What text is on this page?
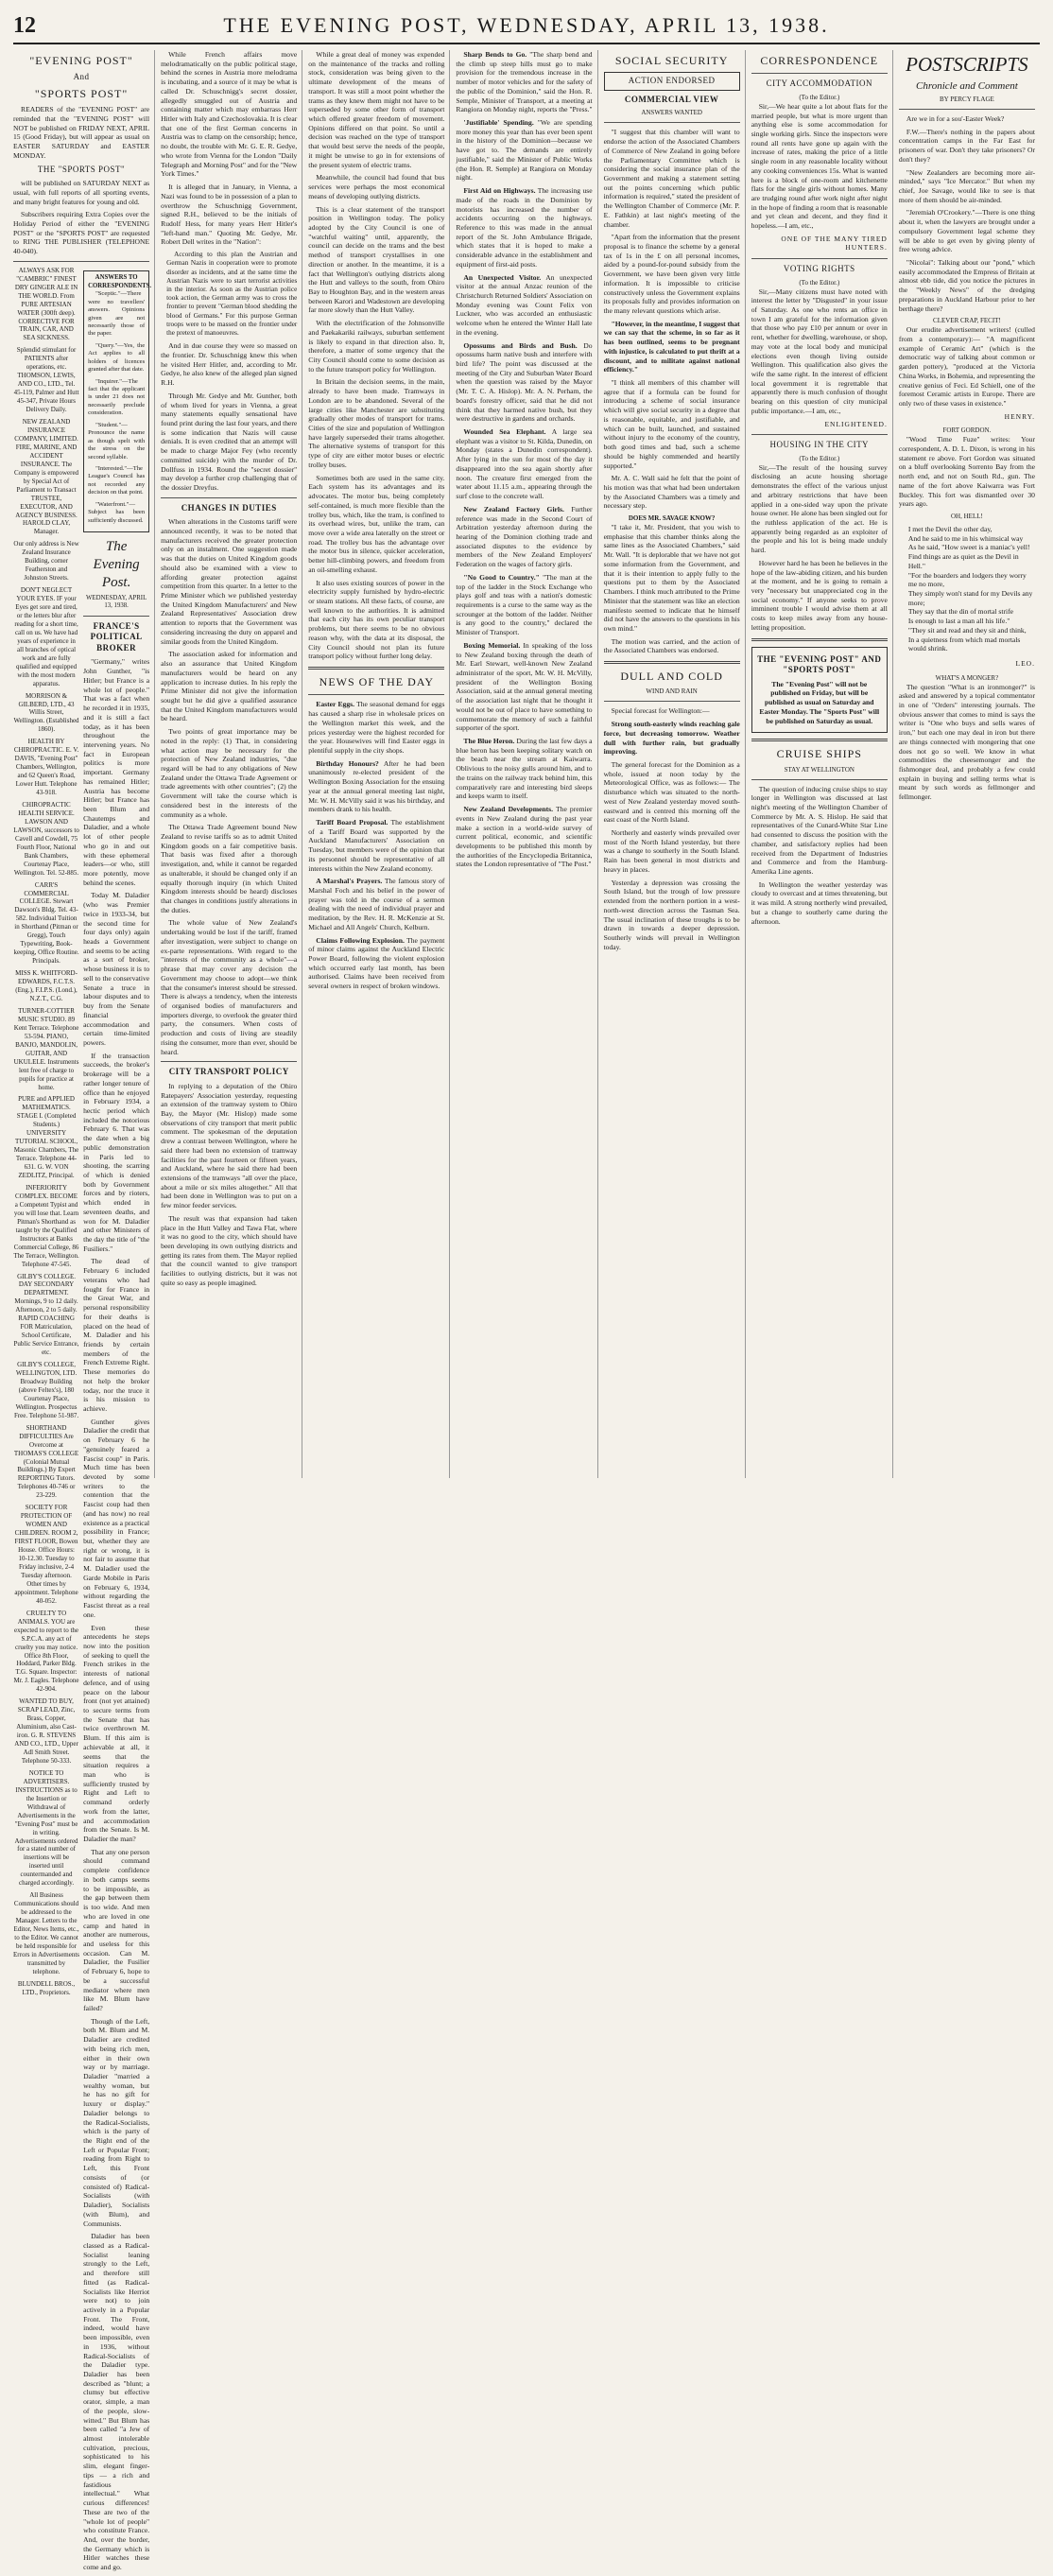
12	THE EVENING POST, WEDNESDAY, APRIL 13, 1938.
"EVENING POST"
And
"SPORTS POST"

READERS of the "EVENING POST" are reminded that the "EVENING POST" will NOT be published on FRIDAY NEXT, APRIL 15 (Good Friday), but will appear as usual on EASTER SATURDAY and EASTER MONDAY.

THE "SPORTS POST"

will be published on SATURDAY NEXT as usual, with full reports of all sporting events, and many bright features for young and old.

Subscribers requiring Extra Copies over the Holiday Period of either the "EVENING POST" or the "SPORTS POST" are requested to RING THE PUBLISHER (TELEPHONE 40-040).

ALWAYS ASK FOR "CAMBRIC" FINEST DRY GINGER ALE IN THE WORLD. From PURE ARTESIAN WATER (300ft deep). CORRECTIVE FOR TRAIN, CAR, AND SEA SICKNESS.

Splendid stimulant for PATIENTS after operations, etc. THOMSON, LEWIS, AND CO., LTD., Tel. 45-119, Palmer and Hutt 45-347, Private Hours Delivery Daily.

NEW ZEALAND INSURANCE COMPANY, LIMITED. FIRE, MARINE, AND ACCIDENT INSURANCE. The Company is empowered by Special Act of Parliament to Transact TRUSTEE, EXECUTOR, AND AGENCY BUSINESS. HAROLD CLAY, Manager.

Our only address is New Zealand Insurance Building, corner Featherston and Johnston Streets.

DON'T NEGLECT YOUR EYES. IF your Eyes get sore and tired, or the letters blur after reading for a short time, call on us. We have had years of experience in all branches of optical work and are fully qualified and equipped with the most modern apparatus.

MORRISON & GILBERD, LTD., 43 Willis Street, Wellington. (Established 1860).

HEALTH BY CHIROPRACTIC. E. V. DAVIS, "Evening Post" Chambers, Wellington, and 62 Queen's Road, Lower Hutt. Telephone 43-918.

CHIROPRACTIC HEALTH SERVICE. LAWSON AND LAWSON, successors to Cavell and Cowdell, 75 Fourth Floor, National Bank Chambers, Courtenay Place, Wellington. Tel. 52-885.

CARR'S COMMERCIAL COLLEGE. Stewart Dawson's Bldg. Tel. 43-582. Individual Tuition in Shorthand (Pitman or Gregg), Touch Typewriting, Book-keeping, Office Routine. Principals.

MISS K. WHITFORD-EDWARDS, F.C.T.S. (Eng.), F.I.P.S. (Lond.), N.Z.T., C.G.

TURNER-COTTIER MUSIC STUDIO. 89 Kent Terrace. Telephone 53-594. PIANO, BANJO, MANDOLIN, GUITAR, AND UKULELE. Instruments lent free of charge to pupils for practice at home.

PURE and APPLIED MATHEMATICS. STAGE I. (Completed Students.) UNIVERSITY TUTORIAL SCHOOL, Masonic Chambers, The Terrace. Telephone 44-631. G. W. VON ZEDLITZ, Principal.

INFERIORITY COMPLEX. BECOME a Competent Typist and you will lose that. Learn Pitman's Shorthand as taught by the Qualified Instructors at Banks Commercial College, 86 The Terrace, Wellington. Telephone 47-545.

GILBY'S COLLEGE. DAY SECONDARY DEPARTMENT. Mornings, 9 to 12 daily. Afternoon, 2 to 5 daily. RAPID COACHING FOR Matriculation, School Certificate, Public Service Entrance, etc.

GILBY'S COLLEGE, WELLINGTON, LTD. Broadway Building (above Feltex's), 180 Courtenay Place, Wellington. Prospectus Free. Telephone 51-987.

SHORTHAND DIFFICULTIES Are Overcome at THOMAS'S COLLEGE (Colonial Mutual Buildings.) By Expert REPORTING Tutors. Telephones 40-746 or 23-229.

SOCIETY FOR PROTECTION OF WOMEN AND CHILDREN. ROOM 2, FIRST FLOOR, Bowen House. Office Hours: 10-12.30. Tuesday to Friday inclusive, 2-4 Tuesday afternoon. Other times by appointment. Telephone 40-052.

CRUELTY TO ANIMALS. YOU are expected to report to the S.P.C.A. any act of cruelty you may notice. Office 8th Floor, Hoddard, Parker Bldg. T.G. Square. Inspector: Mr. J. Eagles. Telephone 42-904.

WANTED TO BUY, SCRAP LEAD, Zinc, Brass, Copper, Aluminium, also Cast-iron. G. R. STEVENS AND CO., LTD., Upper Adl Smith Street. Telephone 50-333.

NOTICE TO ADVERTISERS. INSTRUCTIONS as to the Insertion or Withdrawal of Advertisements in the "Evening Post" must be in writing. Advertisements ordered for a stated number of insertions will be inserted until countermanded and charged accordingly.

All Business Communications should be addressed to the Manager. Letters to the Editor, News Items, etc., to the Editor. We cannot be held responsible for Errors in Advertisements transmitted by telephone.

BLUNDELL BROS., LTD., Proprietors.

ANSWERS TO CORRESPONDENTS.

"Sceptic."—There were no travellers' answers. Opinions given are not necessarily those of the paper.

"Query."—Yes, the Act applies to all holders of licences granted after that date.

"Inquirer."—The fact that the applicant is under 21 does not necessarily preclude consideration.

"Student."—Pronounce the name as though spelt with the stress on the second syllable.

"Interested."—The League's Council has not recorded any decision on that point.

"Waterfront."—Subject has been sufficiently discussed.

The Evening Post.
WEDNESDAY, APRIL 13, 1938.
FRANCE'S POLITICAL BROKER

"Germany," writes John Gunther, "is Hitler; but France is a whole lot of people." That was a fact when he recorded it in 1935, and it is still a fact today, as it has been throughout the intervening years. No fact in European politics is more important. Germany has remained Hitler; Austria has become Hitler; but France has been Blum and Chautemps and Daladier, and a whole lot of other people who go in and out with these ephemeral leaders—or who, still more potently, move behind the scenes.

Today M. Daladier (who was Premier twice in 1933-34, but the second time for four days only) again heads a Government and seems to be acting as a sort of broker, whose business it is to sell to the conservative Senate a truce in labour disputes and to buy from the Senate financial accommodation and certain time-limited powers.

If the transaction succeeds, the broker's brokerage will be a rather longer tenure of office than he enjoyed in February 1934, a hectic period which included the notorious February 6. That was the date when a big public demonstration in Paris led to shooting, the scarring of which is denied both by Government forces and by rioters, which ended in seventeen deaths, and won for M. Daladier and other Ministers of the day the title of "the Fusiliers."

The dead of February 6 included veterans who had fought for France in the Great War, and personal responsibility for their deaths is placed on the head of M. Daladier and his friends by certain members of the French Extreme Right. These memories do not help the broker today, nor the truce it is his mission to achieve.

Gunther gives Daladier the credit that on February 6 he "genuinely feared a Fascist coup" in Paris. Much time has been devoted by some writers to the contention that the Fascist coup had then (and has now) no real existence as a practical possibility in France; but, whether they are right or wrong, it is not fair to assume that M. Daladier used the Garde Mobile in Paris on February 6, 1934, without regarding the Fascist threat as a real one.

Even these antecedents he steps now into the position of seeking to quell the French strikes in the interests of national defence, and of using peace on the labour front (not yet attained) to secure terms from the Senate that has twice overthrown M. Blum. If this aim is achievable at all, it seems that the situation requires a man who is sufficiently trusted by Right and Left to command orderly work from the latter, and accommodation from the Senate. Is M. Daladier the man?

That any one person should command complete confidence in both camps seems to be impossible, as the gap between them is too wide. And men who are loved in one camp and hated in another are numerous, and useless for this occasion. Can M. Daladier, the Fusilier of February 6, hope to be a successful mediator where men like M. Blum have failed?

Though of the Left, both M. Blum and M. Daladier are credited with being rich men, either in their own way or by marriage. Daladier "married a wealthy woman, but he has no gift for luxury or display." Daladier belongs to the Radical-Socialists, which is the party of the Right end of the Left or Popular Front; reading from Right to Left, this Front consists of (or consisted of) Radical-Socialists (with Daladier), Socialists (with Blum), and Communists.

Daladier has been classed as a Radical-Socialist leaning strongly to the Left, and therefore still fitted (as Radical-Socialists like Herriot were not) to join actively in a Popular Front. The Front, indeed, would have been impossible, even in 1936, without Radical-Socialists of the Daladier type. Daladier has been described as "blunt; a clumsy but effective orator, simple, a man of the people, slow-witted." But Blum has been called "a Jew of almost intolerable cultivation, precious, sophisticated to his slim, elegant finger-tips — a rich and fastidious intellectual." What curious differences! These are two of the "whole lot of people" who constitute France. And, over the border, the Germany which is Hitler watches these come and go.

While French affairs move melodramatically on the public political stage, behind the scenes in Austria more melodrama is incubating, and a source of it may be what is called Dr. Schuschnigg's secret dossier, allegedly smuggled out of Austria and containing matter which may embarrass Herr Hitler with Italy and Czechoslovakia. It is clear that one of the first German concerns in Austria was to clamp on the censorship; hence, no doubt, the trouble with Mr. G. E. R. Gedye, who wrote from Vienna for the London "Daily Telegraph and Morning Post" and for the "New York Times."

It is alleged that in January, in Vienna, a Nazi was found to be in possession of a plan to overthrow the Schuschnigg Government, signed R.H., believed to be the initials of Rudolf Hess, for many years Herr Hitler's "left-hand man." Quoting Mr. Gedye, Mr. Robert Dell writes in the "Nation":

According to this plan the Austrian and German Nazis in cooperation were to promote disorder as incidents, and at the same time the Austrian Nazis were to start terrorist activities in the interior. As soon as the Austrian police took action, the German army was to cross the frontier to prevent "German blood shedding the blood of Germans." For this purpose German troops were to be massed on the frontier under the pretext of manoeuvres.

And in due course they were so massed on the frontier. Dr. Schuschnigg knew this when he visited Herr Hitler, and, according to Mr. Gedye, he also knew of the alleged plan signed R.H.

Through Mr. Gedye and Mr. Gunther, both of whom lived for years in Vienna, a great many statements equally sensational have found print during the last four years, and there is some indication that Nazis will cause denials. It is even credited that an attempt will be made to charge Major Fey (who recently committed suicide) with the murder of Dr. Dollfuss in 1934. Round the "secret dossier" may develop a further crop challenging that of the dossier Dreyfus.

CHANGES IN DUTIES

When alterations in the Customs tariff were announced recently, it was to be noted that manufacturers received the greater protection only on an instalment. One suggestion made was that the duties on United Kingdom goods should also be examined with a view to affording greater protection against competition from this quarter. In a letter to the Prime Minister which we published yesterday the United Kingdom Manufacturers' and New Zealand Representatives' Association drew attention to reports that the Government was considering increasing the duty on apparel and similar goods from the United Kingdom.

The association asked for information and also an assurance that United Kingdom manufacturers would be heard on any application to increase duties. In his reply the Prime Minister did not give the information sought but he did give a qualified assurance that the United Kingdom manufacturers would be heard.

Two points of great importance may be noted in the reply: (1) That, in considering what action may be necessary for the protection of New Zealand industries, "due regard will be had to any obligations of New Zealand under the Ottawa Trade Agreement or trade agreements with other countries"; (2) the Government will take the course which is considered best in the interests of the community as a whole.

The Ottawa Trade Agreement bound New Zealand to revise tariffs so as to admit United Kingdom goods on a fair competitive basis. That basis was fixed after a thorough investigation, and, while it cannot be regarded as unalterable, it should be changed only if an equally thorough inquiry (in which United Kingdom interests should be heard) discloses that changes in conditions justify alterations in the duties.

The whole value of New Zealand's undertaking would be lost if the tariff, framed after investigation, were subject to change on ex-parte representations. With regard to the "interests of the community as a whole"—a phrase that may cover any decision the Government may choose to adopt—we think that the consumer's interest should be stressed. There is always a tendency, when the interests of organised bodies of manufacturers and importers diverge, to overlook the greater third party, the consumers. When costs of production and costs of living are steadily rising the consumer, more than ever, should be heard.

CITY TRANSPORT POLICY

In replying to a deputation of the Ohiro Ratepayers' Association yesterday, requesting an extension of the tramway system to Ohiro Bay, the Mayor (Mr. Hislop) made some observations of city transport that merit public comment. The spokesman of the deputation drew a contrast between Wellington, where he said there had been no extension of tramway facilities for the past fourteen or fifteen years, and Auckland, where he said there had been extensions of the tramways "all over the place, about a mile or six miles altogether." All that had been done in Wellington was to put on a few minor feeder services.

The result was that expansion had taken place in the Hutt Valley and Tawa Flat, where it was no good to the city, which should have been developing its own outlying districts and getting its rates from them. The Mayor replied that the council wanted to give transport facilities to outlying districts, but it was not quite so easy as people imagined.

While a great deal of money was expended on the maintenance of the tracks and rolling stock, consideration was being given to the ultimate development of the means of transport. It was still a moot point whether the trams as they knew them might not have to be superseded by some other form of transport which offered greater freedom of movement. Opinions differed on that point. So until a decision was reached on the type of transport that would best serve the needs of the people, it might be unwise to go in for extensions of the present system of electric trams.

Meanwhile, the council had found that bus services were perhaps the most economical means of developing outlying districts.

This is a clear statement of the transport position in Wellington today. The policy adopted by the City Council is one of "watchful waiting" until, apparently, the council can decide on the trams and the best method of transport crystallises in one direction or another. In the meantime, it is a fact that Wellington's outlying districts along the Hutt and valleys to the south, from Ohiro Bay to Houghton Bay, and in the western areas between Karori and Wadestown are developing far more slowly than the Hutt Valley.

With the electrification of the Johnsonville and Paekakariki railways, suburban settlement is likely to expand in that direction also. It, therefore, a matter of some urgency that the City Council should come to some decision as to the future transport policy for Wellington.

In Britain the decision seems, in the main, already to have been made. Tramways in London are to be abandoned. Several of the large cities like Manchester are substituting gradually other modes of transport for trams. Cities of the size and population of Wellington have largely superseded their trams altogether. The alternative systems of transport for this type of city are either motor buses or electric trolley buses.

Sometimes both are used in the same city. Each system has its advantages and its advocates. The motor bus, being completely self-contained, is much more flexible than the trolley bus, which, like the tram, is confined to its overhead wires, but, unlike the tram, can move over a wide area laterally on the street or road. The trolley bus has the advantage over the motor bus in silence, quicker acceleration, better hill-climbing powers, and freedom from an oil-smelling exhaust.

It also uses existing sources of power in the electricity supply furnished by hydro-electric or steam stations. All these facts, of course, are well known to the authorities. It is admitted that each city has its own peculiar transport problems, but there seems to be no obvious reason why, with the data at its disposal, the City Council should not plan its future transport policy without further long delay.

NEWS OF THE DAY

Easter Eggs. The seasonal demand for eggs has caused a sharp rise in wholesale prices on the Wellington market this week, and the prices yesterday were the highest recorded for the year. Housewives will find Easter eggs in plentiful supply in the city shops.

Birthday Honours? After he had been unanimously re-elected president of the Wellington Boxing Association for the ensuing year at the annual general meeting last night, Mr. W. H. McVilly said it was his birthday, and members drank to his health.

Tariff Board Proposal. The establishment of a Tariff Board was supported by the Auckland Manufacturers' Association on Tuesday, but members were of the opinion that its personnel should be representative of all interests within the New Zealand economy.

A Marshal's Prayers. The famous story of Marshal Foch and his belief in the power of prayer was told in the course of a sermon dealing with the need of individual prayer and meditation, by the Rev. H. R. McKenzie at St. Michael and All Angels' Church, Kelburn.

Claims Following Explosion. The payment of minor claims against the Auckland Electric Power Board, following the violent explosion which occurred early last month, has been authorised. Claims have been received from several owners in respect of broken windows.

Sharp Bends to Go. "The sharp bend and the climb up steep hills must go to make provision for the tremendous increase in the number of motor vehicles and for the safety of the public of the Dominion," said the Hon. R. Semple, Minister of Transport, at a meeting at Rangiora on Monday night, reports the "Press."

'Justifiable' Spending. "We are spending more money this year than has ever been spent in the history of the Dominion—because we have got to. The demands are entirely justifiable," said the Minister of Public Works (the Hon. R. Semple) at Rangiora on Monday night.

First Aid on Highways. The increasing use made of the roads in the Dominion by motorists has increased the number of accidents occurring on the highways. Reference to this was made in the annual report of the St. John Ambulance Brigade, which states that it is hoped to make a considerable advance in the establishment and equipment of first-aid posts.

An Unexpected Visitor. An unexpected visitor at the annual Anzac reunion of the Christchurch Returned Soldiers' Association on Monday evening was Count Felix von Luckner, who was accorded an enthusiastic welcome when he entered the Winter Hall late in the evening.

Opossums and Birds and Bush. Do opossums harm native bush and interfere with bird life? The point was discussed at the meeting of the City and Suburban Water Board when the question was raised by the Mayor (Mr. T. C. A. Hislop). Mr. A. N. Perham, the board's forestry officer, said that he did not think that they harmed native bush, but they were destructive in gardens and orchards.

Wounded Sea Elephant. A large sea elephant was a visitor to St. Kilda, Dunedin, on Monday (states a Dunedin correspondent). After lying in the sun for most of the day it disappeared into the sea again shortly after noon. The creature first emerged from the water about 11.15 a.m., appearing through the surf close to the concrete wall.

New Zealand Factory Girls. Further reference was made in the Second Court of Arbitration yesterday afternoon during the hearing of the Dominion clothing trade and associated disputes to the evidence by members of the New Zealand Employers' Federation on the wages of factory girls.

"No Good to Country." "The man at the top of the ladder in the Stock Exchange who plays golf and teas with a nation's domestic requirements is a curse to the same way as the scrounger at the bottom of the ladder. Neither is any good to the country," declared the Minister of Transport.

Boxing Memorial. In speaking of the loss to New Zealand boxing through the death of Mr. Earl Stewart, well-known New Zealand administrator of the sport, Mr. W. H. McVilly, president of the Wellington Boxing Association, said at the annual general meeting of the association last night that he thought it would not be out of place to have something to commemorate the memory of such a faithful supporter of the sport.

The Blue Heron. During the last few days a blue heron has been keeping solitary watch on the beach near the stream at Kaiwarra. Oblivious to the noisy gulls around him, and to the trains on the railway track behind him, this comparatively rare and interesting bird sleeps and keeps warm to itself.

New Zealand Developments. The premier events in New Zealand during the past year make a section in a world-wide survey of current political, economic, and scientific developments to be published this month by the authorities of the Encyclopedia Britannica, states the London representative of "The Post."

SOCIAL SECURITY
ACTION ENDORSED
COMMERCIAL VIEW
ANSWERS WANTED

"I suggest that this chamber will want to endorse the action of the Associated Chambers of Commerce of New Zealand in going before the Parliamentary Committee which is considering the social insurance plan of the Government and making a statement setting out the points concerning which public information is required," stated the president of the Wellington Chamber of Commerce (Mr. P. E. Fathkin) at last night's meeting of the chamber.

"Apart from the information that the present proposal is to finance the scheme by a general tax of 1s in the £ on all personal incomes, aided by a pound-for-pound subsidy from the Government, we have been given very little information. It is impossible to criticise constructively unless the Government explains its proposals fully and provides information on the many relevant questions which arise.

"However, in the meantime, I suggest that we can say that the scheme, in so far as it has been outlined, seems to be pregnant with injustice, is calculated to put thrift at a discount, and to militate against national efficiency."

"I think all members of this chamber will agree that if a formula can be found for introducing a scheme of social insurance which will give social security in a degree that is reasonable, equitable, and justifiable, and which can be built, launched, and sustained without injury to the economy of the country, both good times and bad, such a scheme should be highly commended and heartily supported."

Mr. A. C. Wall said he felt that the point of his motion was that what had been undertaken by the Associated Chambers was a timely and necessary step.

DOES MR. SAVAGE KNOW?

"I take it, Mr. President, that you wish to emphasise that this chamber thinks along the same lines as the Associated Chambers," said Mr. Wall. "It is deplorable that we have not got some information from the Government, and that it is their intention to apply fully to the questions put to them by the Associated Chambers. I think much attributed to the Prime Minister that the statement was like an election manifesto seemed to indicate that he himself did not have the answers to the questions in his own mind."

The motion was carried, and the action of the Associated Chambers was endorsed.

DULL AND COLD
WIND AND RAIN

Special forecast for Wellington:—

Strong south-easterly winds reaching gale force, but decreasing tomorrow. Weather dull with further rain, but gradually improving.

The general forecast for the Dominion as a whole, issued at noon today by the Meteorological Office, was as follows:— The disturbance which was situated to the north-west of New Zealand yesterday moved south-eastward and is centred this morning off the east coast of the North Island.

Northerly and easterly winds prevailed over most of the North Island yesterday, but there was a change to southerly in the South Island. Rain has been general in most districts and heavy in places.

Yesterday a depression was crossing the South Island, but the trough of low pressure extended from the northern portion in a west-north-west direction across the Tasman Sea. The usual inclination of these troughs is to be drawn in towards a deeper depression. Southerly winds will prevail in Wellington today.

CORRESPONDENCE
CITY ACCOMMODATION
(To the Editor.)

Sir,—We hear quite a lot about flats for the married people, but what is more urgent than anything else is some accommodation for single working girls. Since the inspectors were round all rents have gone up again with the increase of rates, making the price of a little single room in any reasonable locality without any cooking conveniences 15s. What is wanted here is a block of one-room and kitchenette flats for the single girls without homes. Many are trudging round after work night after night in the hope of finding a room that is reasonable and yet clean and decent, and they find it hopeless.—I am, etc.,

ONE OF THE MANY TIRED HUNTERS.
VOTING RIGHTS
(To the Editor.)

Sir,—Many citizens must have noted with interest the letter by "Disgusted" in your issue of Saturday. As one who rents an office in town I am grateful for the information given that those who pay £10 per annum or over in rent, whether for dwelling, warehouse, or shop, may vote at the local body and municipal elections even though living outside Wellington. This qualification also gives the wife the same right. In the interest of efficient local government it is regrettable that apparently there is much confusion of thought bearing on this question of city municipal public importance.—I am, etc.,

ENLIGHTENED.
HOUSING IN THE CITY
(To the Editor.)

Sir,—The result of the housing survey disclosing an acute housing shortage demonstrates the effect of the various unjust and arbitrary restrictions that have been applied in a one-sided way upon the private house owner. He alone has been singled out for the ruthless application of the act. He is apparently being regarded as an exploiter of the people and his lot is being made unduly hard.

However hard he has been he believes in the hope of the law-abiding citizen, and his burden at the moment, and he is going to remain a very "necessary but unappreciated cog in the social economy." If anyone seeks to prove imminent trouble I would advise them at all costs to keep miles away from any house-letting proposition.

THE "EVENING POST" AND "SPORTS POST"

The "Evening Post" will not be published on Friday, but will be published as usual on Saturday and Easter Monday. The "Sports Post" will be published on Saturday as usual.

CRUISE SHIPS
STAY AT WELLINGTON

The question of inducing cruise ships to stay longer in Wellington was discussed at last night's meeting of the Wellington Chamber of Commerce by Mr. A. S. Hislop. He said that representatives of the Cunard-White Star Line had consented to discuss the position with the chamber, and satisfactory replies had been received from the Department of Industries and Commerce and from the Hamburg-Amerika Line agents.

In Wellington the weather yesterday was cloudy to overcast and at times threatening, but it was mild. A strong northerly wind prevailed, but a change to southerly came during the afternoon.

POSTSCRIPTS
Chronicle and Comment
BY PERCY FLAGE

Are we in for a sou'-Easter Week?

F.W.—There's nothing in the papers about concentration camps in the Far East for prisoners of war. Don't they take prisoners? Or don't they?

"New Zealanders are becoming more air-minded," says "Ice Mercator." But when my chief, Joe Savage, would like to see is that more of them should be air-minded.

"Jeremiah O'Crookery."—There is one thing about it, when the lawyers are brought under a compulsory Government legal scheme they will be able to get even by giving plenty of free wrong advice.

"Nicolai": Talking about our "pond," which easily accommodated the Empress of Britain at almost ebb tide, did you notice the pictures in the "Weekly News" of the dredging preparations in Auckland Harbour prior to her berthage there?

CLEVER CRAP, FECIT!

Our erudite advertisement writers! (culled from a contemporary):— "A magnificent example of Ceramic Art" (which is the democratic way of talking about common or garden pottery), "produced at the Victoria China Works, in Bohemia, and representing the creative genius of Feci. Ed Schiell, one of the foremost Ceramic artists in Europe. There are only two of these vases in existence."

HENRY.
FORT GORDON.

"Wood Time Fuze" writes: Your correspondent, A. D. L. Dixon, is wrong in his statement re above. Fort Gordon was situated on a bluff overlooking Sorrento Bay from the north end, and not on South Rd., gun. The name of the fort above Kaiwarra was Fort Buckley. This fort was dismantled over 30 years ago.

OH, HELL!

I met the Devil the other day,

And he said to me in his whimsical way

As he said, "How sweet is a maniac's yell!

Find things are as quiet as the Devil in Hell."

"For the boarders and lodgers they worry me no more,

They simply won't stand for my Devils any more;

They say that the din of mortal strife

Is enough to last a man all his life."

"They sit and read and they sit and think,

In a quietness from which mad mortals would shrink.

LEO.
WHAT'S A MONGER?

The question "What is an ironmonger?" is asked and answered by a topical commentator in one of "Orders" interesting journals. The obvious answer that comes to mind is says the writer is "One who buys and sells wares of iron," but each one may deal in iron but there are things connected with mongering that one does not go so well. We know in what commodities the cheesemonger and the fishmonger deal, and probably a few could explain in buying and selling terms what is meant by such words as fellmonger and fellmonger.
